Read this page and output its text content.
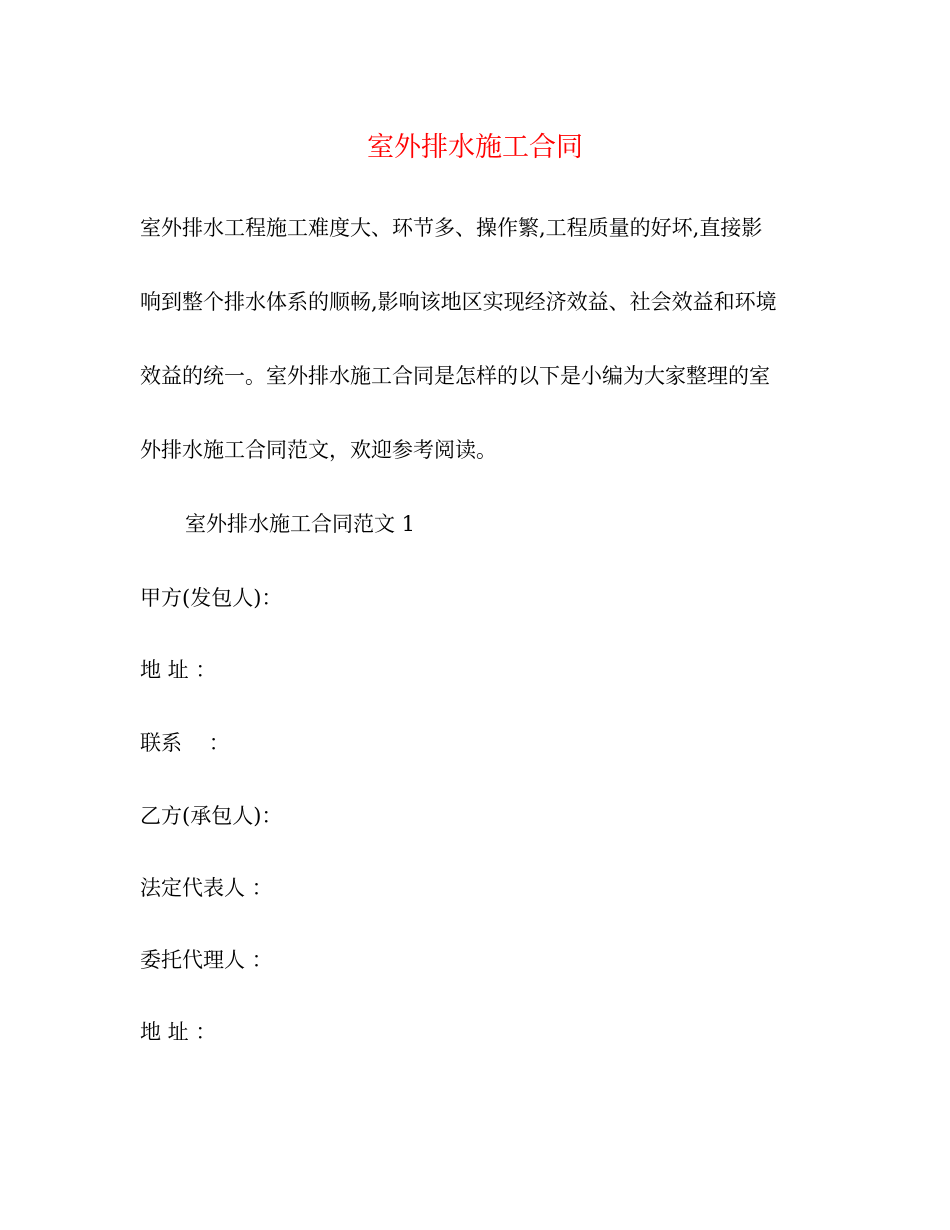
室外排水施工合同
室外排水工程施工难度大、环节多、操作繁,工程质量的好坏,直接影
响到整个排水体系的顺畅,影响该地区实现经济效益、社会效益和环境
效益的统一。室外排水施工合同是怎样的以下是小编为大家整理的室
外排水施工合同范文，欢迎参考阅读。
室外排水施工合同范文 1
甲方(发包人)：
地 址 ：
联系    ：
乙方(承包人)：
法定代表人 ：
委托代理人 ：
地 址 ：
